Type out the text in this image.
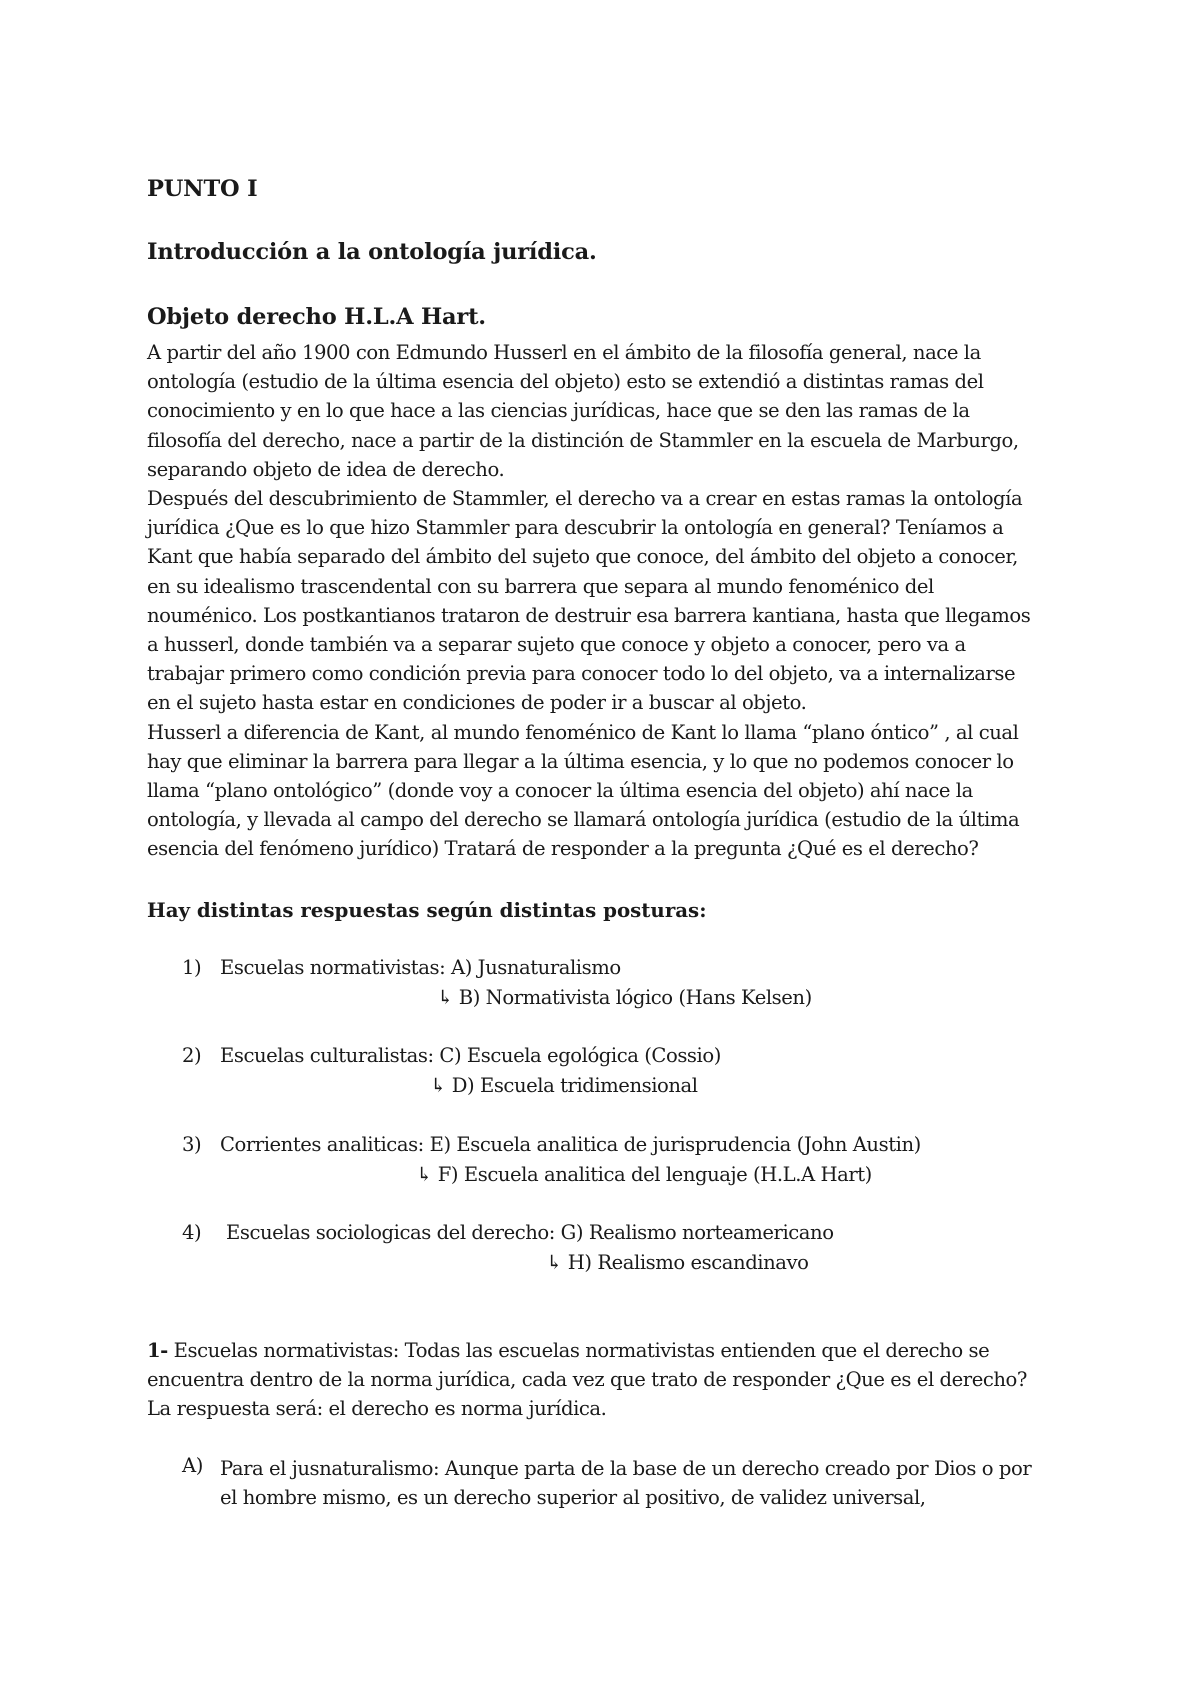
PUNTO I
Introducción a la ontología jurídica.
Objeto derecho H.L.A Hart.
A partir del año 1900 con Edmundo Husserl en el ámbito de la filosofía general, nace la
ontología (estudio de la última esencia del objeto) esto se extendió a distintas ramas del
conocimiento y en lo que hace a las ciencias jurídicas, hace que se den las ramas de la
filosofía del derecho, nace a partir de la distinción de Stammler en la escuela de Marburgo,
separando objeto de idea de derecho.
Después del descubrimiento de Stammler, el derecho va a crear en estas ramas la ontología
jurídica ¿Que es lo que hizo Stammler para descubrir la ontología en general? Teníamos a
Kant que había separado del ámbito del sujeto que conoce, del ámbito del objeto a conocer,
en su idealismo trascendental con su barrera que separa al mundo fenoménico del
nouménico. Los postkantianos trataron de destruir esa barrera kantiana, hasta que llegamos
a husserl, donde también va a separar sujeto que conoce y objeto a conocer, pero va a
trabajar primero como condición previa para conocer todo lo del objeto, va a internalizarse
en el sujeto hasta estar en condiciones de poder ir a buscar al objeto.
Husserl a diferencia de Kant, al mundo fenoménico de Kant lo llama “plano óntico” , al cual
hay que eliminar la barrera para llegar a la última esencia, y lo que no podemos conocer lo
llama “plano ontológico” (donde voy a conocer la última esencia del objeto) ahí nace la
ontología, y llevada al campo del derecho se llamará ontología jurídica (estudio de la última
esencia del fenómeno jurídico) Tratará de responder a la pregunta ¿Qué es el derecho?
Hay distintas respuestas según distintas posturas:
1) Escuelas normativistas: A) Jusnaturalismo
↳ B) Normativista lógico (Hans Kelsen)
2) Escuelas culturalistas: C) Escuela egológica (Cossio)
↳ D) Escuela tridimensional
3) Corrientes analiticas: E) Escuela analitica de jurisprudencia (John Austin)
↳ F) Escuela analitica del lenguaje (H.L.A Hart)
4) Escuelas sociologicas del derecho: G) Realismo norteamericano
↳ H) Realismo escandinavo
1- Escuelas normativistas: Todas las escuelas normativistas entienden que el derecho se
encuentra dentro de la norma jurídica, cada vez que trato de responder ¿Que es el derecho?
La respuesta será: el derecho es norma jurídica.
A) Para el jusnaturalismo: Aunque parta de la base de un derecho creado por Dios o por
el hombre mismo, es un derecho superior al positivo, de validez universal,
